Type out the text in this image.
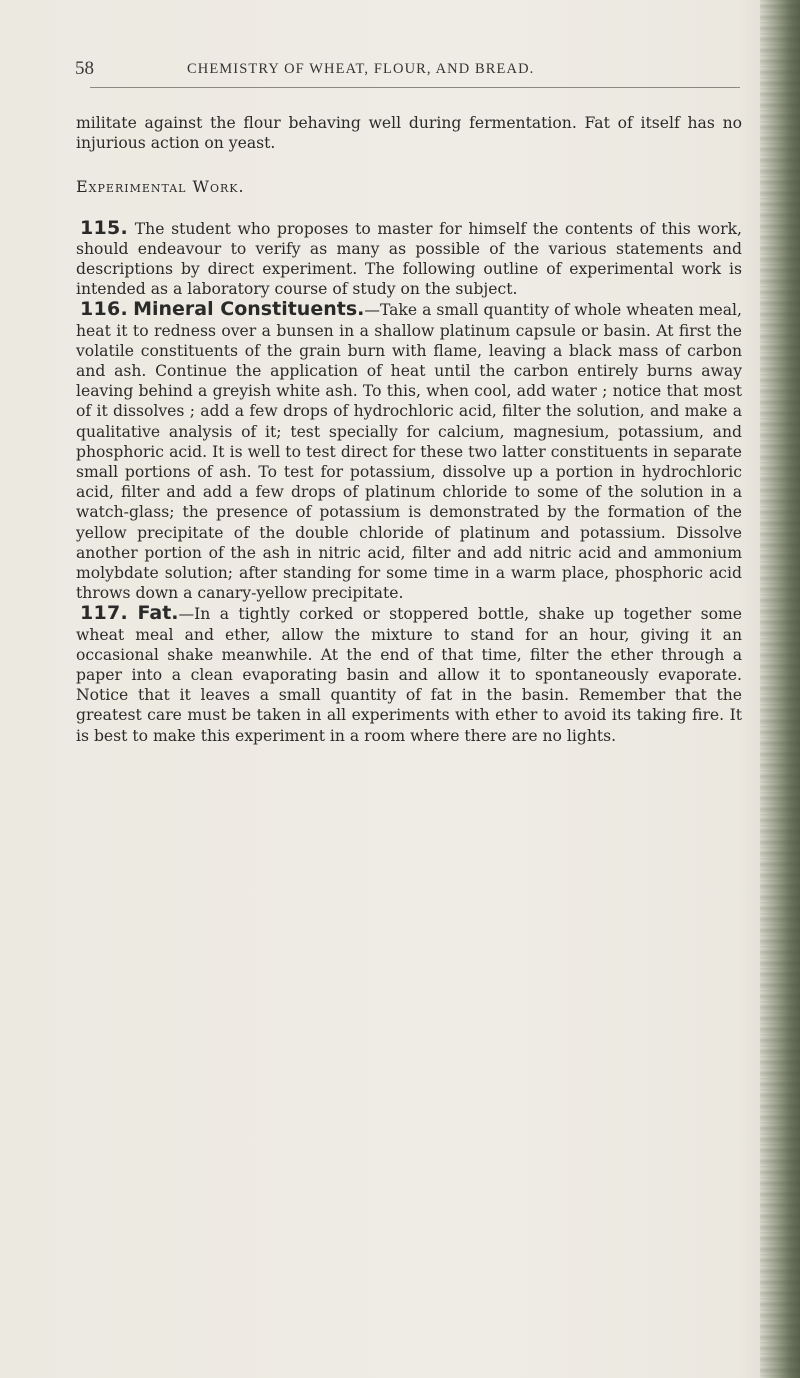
58	CHEMISTRY OF WHEAT, FLOUR, AND BREAD.

militate against the flour behaving well during fermentation. Fat of itself has no injurious action on yeast.

Experimental Work.

115. The student who proposes to master for himself the contents of this work, should endeavour to verify as many as possible of the various statements and descriptions by direct experiment. The following outline of experimental work is intended as a laboratory course of study on the subject.

116. Mineral Constituents.—Take a small quantity of whole wheaten meal, heat it to redness over a bunsen in a shallow platinum capsule or basin. At first the volatile constituents of the grain burn with flame, leaving a black mass of carbon and ash. Continue the application of heat until the carbon entirely burns away leaving behind a greyish white ash. To this, when cool, add water ; notice that most of it dissolves ; add a few drops of hydrochloric acid, filter the solution, and make a qualitative analysis of it; test specially for calcium, magnesium, potassium, and phosphoric acid. It is well to test direct for these two latter constituents in separate small portions of ash. To test for potassium, dissolve up a portion in hydrochloric acid, filter and add a few drops of platinum chloride to some of the solution in a watch-glass; the presence of potassium is demonstrated by the formation of the yellow precipitate of the double chloride of platinum and potassium. Dissolve another portion of the ash in nitric acid, filter and add nitric acid and ammonium molybdate solution; after standing for some time in a warm place, phosphoric acid throws down a canary-yellow precipitate.

117. Fat.—In a tightly corked or stoppered bottle, shake up together some wheat meal and ether, allow the mixture to stand for an hour, giving it an occasional shake meanwhile. At the end of that time, filter the ether through a paper into a clean evaporating basin and allow it to spontaneously evaporate. Notice that it leaves a small quantity of fat in the basin. Remember that the greatest care must be taken in all experiments with ether to avoid its taking fire. It is best to make this experiment in a room where there are no lights.
